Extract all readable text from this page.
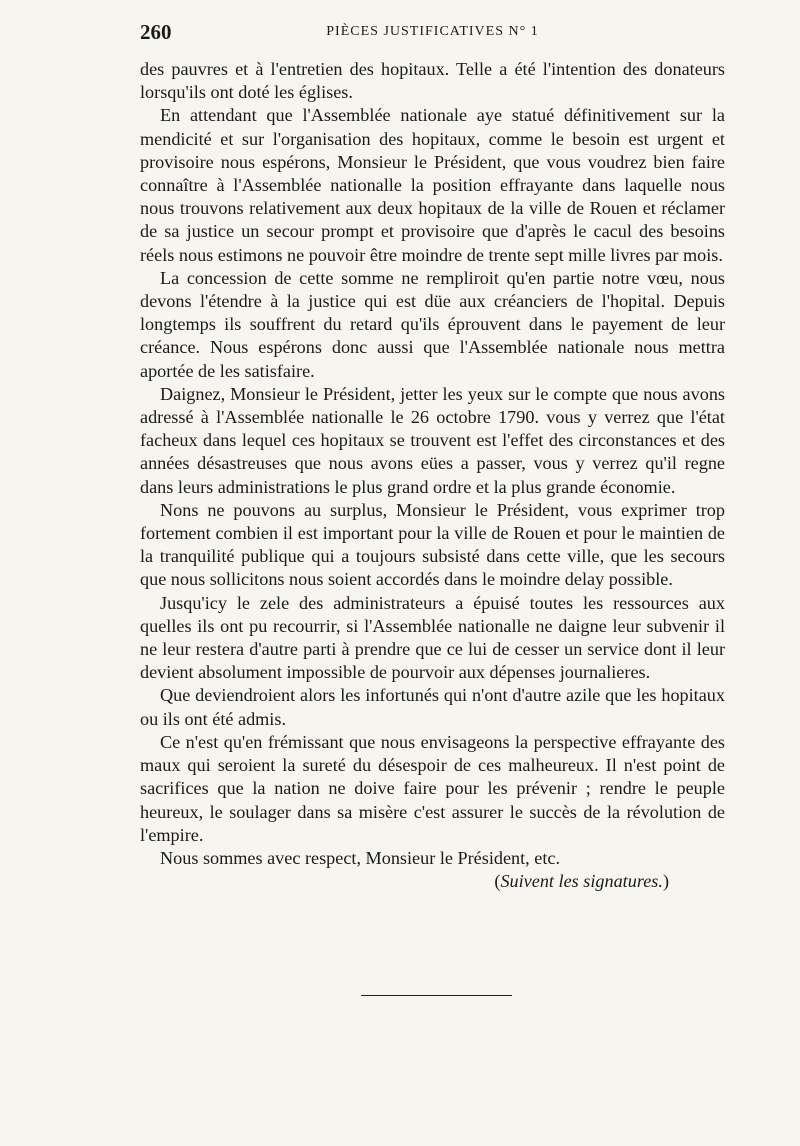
260	PIÈCES JUSTIFICATIVES N° 1

des pauvres et à l'entretien des hopitaux. Telle a été l'intention des donateurs lorsqu'ils ont doté les églises.

En attendant que l'Assemblée nationale aye statué définitivement sur la mendicité et sur l'organisation des hopitaux, comme le besoin est urgent et provisoire nous espérons, Monsieur le Président, que vous voudrez bien faire connaître à l'Assemblée nationalle la position effrayante dans laquelle nous nous trouvons relativement aux deux hopitaux de la ville de Rouen et réclamer de sa justice un secour prompt et provisoire que d'après le cacul des besoins réels nous estimons ne pouvoir être moindre de trente sept mille livres par mois.

La concession de cette somme ne rempliroit qu'en partie notre vœu, nous devons l'étendre à la justice qui est düe aux créanciers de l'hopital. Depuis longtemps ils souffrent du retard qu'ils éprouvent dans le payement de leur créance. Nous espérons donc aussi que l'Assemblée nationale nous mettra aportée de les satisfaire.

Daignez, Monsieur le Président, jetter les yeux sur le compte que nous avons adressé à l'Assemblée nationalle le 26 octobre 1790. vous y verrez que l'état facheux dans lequel ces hopitaux se trouvent est l'effet des circonstances et des années désastreuses que nous avons eües a passer, vous y verrez qu'il regne dans leurs administrations le plus grand ordre et la plus grande économie.

Nons ne pouvons au surplus, Monsieur le Président, vous exprimer trop fortement combien il est important pour la ville de Rouen et pour le maintien de la tranquilité publique qui a toujours subsisté dans cette ville, que les secours que nous sollicitons nous soient accordés dans le moindre delay possible.

Jusqu'icy le zele des administrateurs a épuisé toutes les ressources aux quelles ils ont pu recourrir, si l'Assemblée nationalle ne daigne leur subvenir il ne leur restera d'autre parti à prendre que ce lui de cesser un service dont il leur devient absolument impossible de pourvoir aux dépenses journalieres.

Que deviendroient alors les infortunés qui n'ont d'autre azile que les hopitaux ou ils ont été admis.

Ce n'est qu'en frémissant que nous envisageons la perspective effrayante des maux qui seroient la sureté du désespoir de ces malheureux. Il n'est point de sacrifices que la nation ne doive faire pour les prévenir ; rendre le peuple heureux, le soulager dans sa misère c'est assurer le succès de la révolution de l'empire.

Nous sommes avec respect, Monsieur le Président, etc.

(Suivent les signatures.)
